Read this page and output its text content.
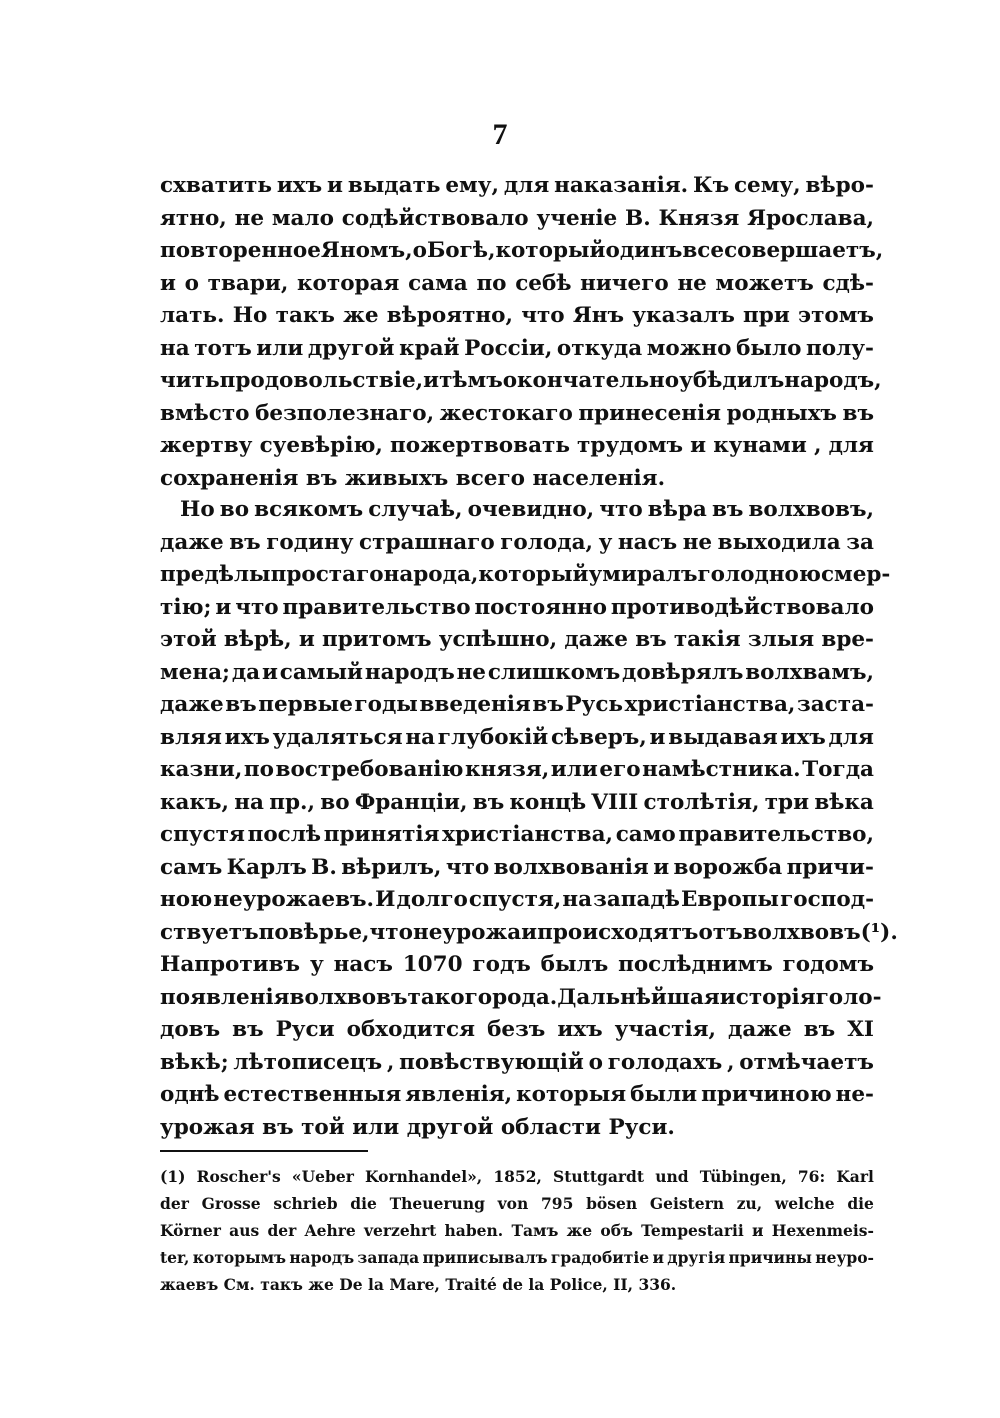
7
схватить ихъ и выдать ему, для наказанія. Къ сему, вѣро-
ятно, не мало содѣйствовало ученіе В. Князя Ярослава,
повторенное Яномъ, о Богѣ, который одинъ все совершаетъ,
и о твари, которая сама по себѣ ничего не можетъ сдѣ-
лать. Но такъ же вѣроятно, что Янъ указалъ при этомъ
на тотъ или другой край Россіи, откуда можно было полу-
чить продовольствіе , и тѣмъ окончательно убѣдилъ народъ,
вмѣсто безполезнаго, жестокаго принесенія родныхъ въ
жертву суевѣрію, пожертвовать трудомъ и кунами , для
сохраненія въ живыхъ всего населенія.
Но во всякомъ случаѣ, очевидно, что вѣра въ волхвовъ,
даже въ годину страшнаго голода, у насъ не выходила за
предѣлы простаго народа, который умиралъ голодною смер-
тію; и что правительство постоянно противодѣйствовало
этой вѣрѣ, и притомъ успѣшно, даже въ такія злыя вре-
мена; да и самый народъ не слишкомъ довѣрялъ волхвамъ,
даже въ первые годы введенія въ Русь христіанства, заста-
вляя ихъ удаляться на глубокій сѣверъ, и выдавая ихъ для
казни, по востребованію князя, или его намѣстника. Тогда
какъ, на пр., во Франціи, въ концѣ VIII столѣтія, три вѣка
спустя послѣ принятія христіанства, само правительство,
самъ Карлъ В. вѣрилъ, что волхвованія и ворожба причи-
ною неурожаевъ. И долго спустя, на западѣ Европы господ-
ствуетъ повѣрье, что неурожаи происходятъ отъ волхвовъ (¹).
Напротивъ у насъ 1070 годъ былъ послѣднимъ годомъ
появленія волхвовъ такого рода. Дальнѣйшая исторія голо-
довъ въ Руси обходится безъ ихъ участія, даже въ XI
вѣкѣ; лѣтописецъ , повѣствующій о голодахъ , отмѣчаетъ
однѣ естественныя явленія, которыя были причиною не-
урожая въ той или другой области Руси.
(1) Roscher's «Ueber Kornhandel», 1852, Stuttgardt und Tübingen, 76: Karl
der Grosse schrieb die Theuerung von 795 bösen Geistern zu, welche die
Körner aus der Aehre verzehrt haben. Тамъ же объ Tempestarii и Hexenmeis-
ter, которымъ народъ запада приписывалъ градобитіе и другія причины неуро-
жаевъ См. такъ же De la Mare, Traité de la Police, II, 336.
